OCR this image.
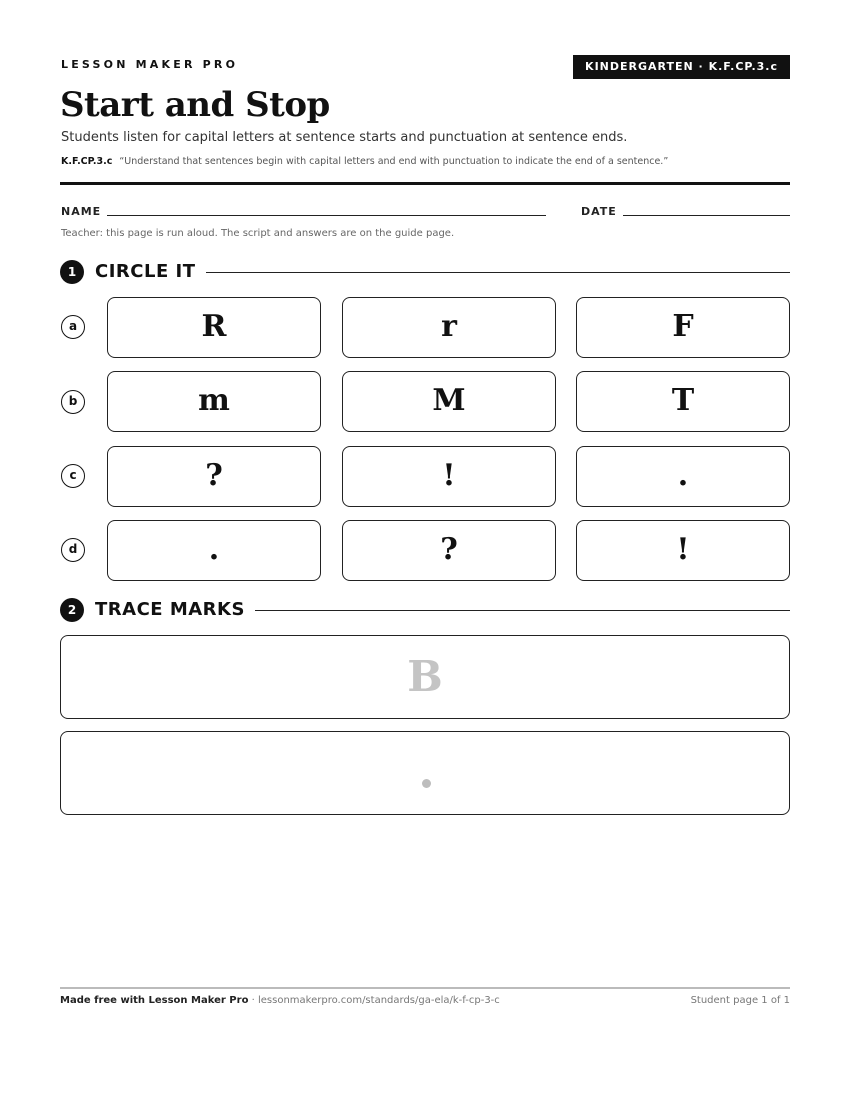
LESSON MAKER PRO	KINDERGARTEN · K.F.CP.3.c
Start and Stop
Students listen for capital letters at sentence starts and punctuation at sentence ends.
K.F.CP.3.c “Understand that sentences begin with capital letters and end with punctuation to indicate the end of a sentence.”
NAME	DATE
Teacher: this page is run aloud. The script and answers are on the guide page.
1	CIRCLE IT
a	R	r	F
b	m	M	T
c	?	!	.
d	.	?	!
2	TRACE MARKS
B
Made free with Lesson Maker Pro · lessonmakerpro.com/standards/ga-ela/k-f-cp-3-c	Student page 1 of 1
